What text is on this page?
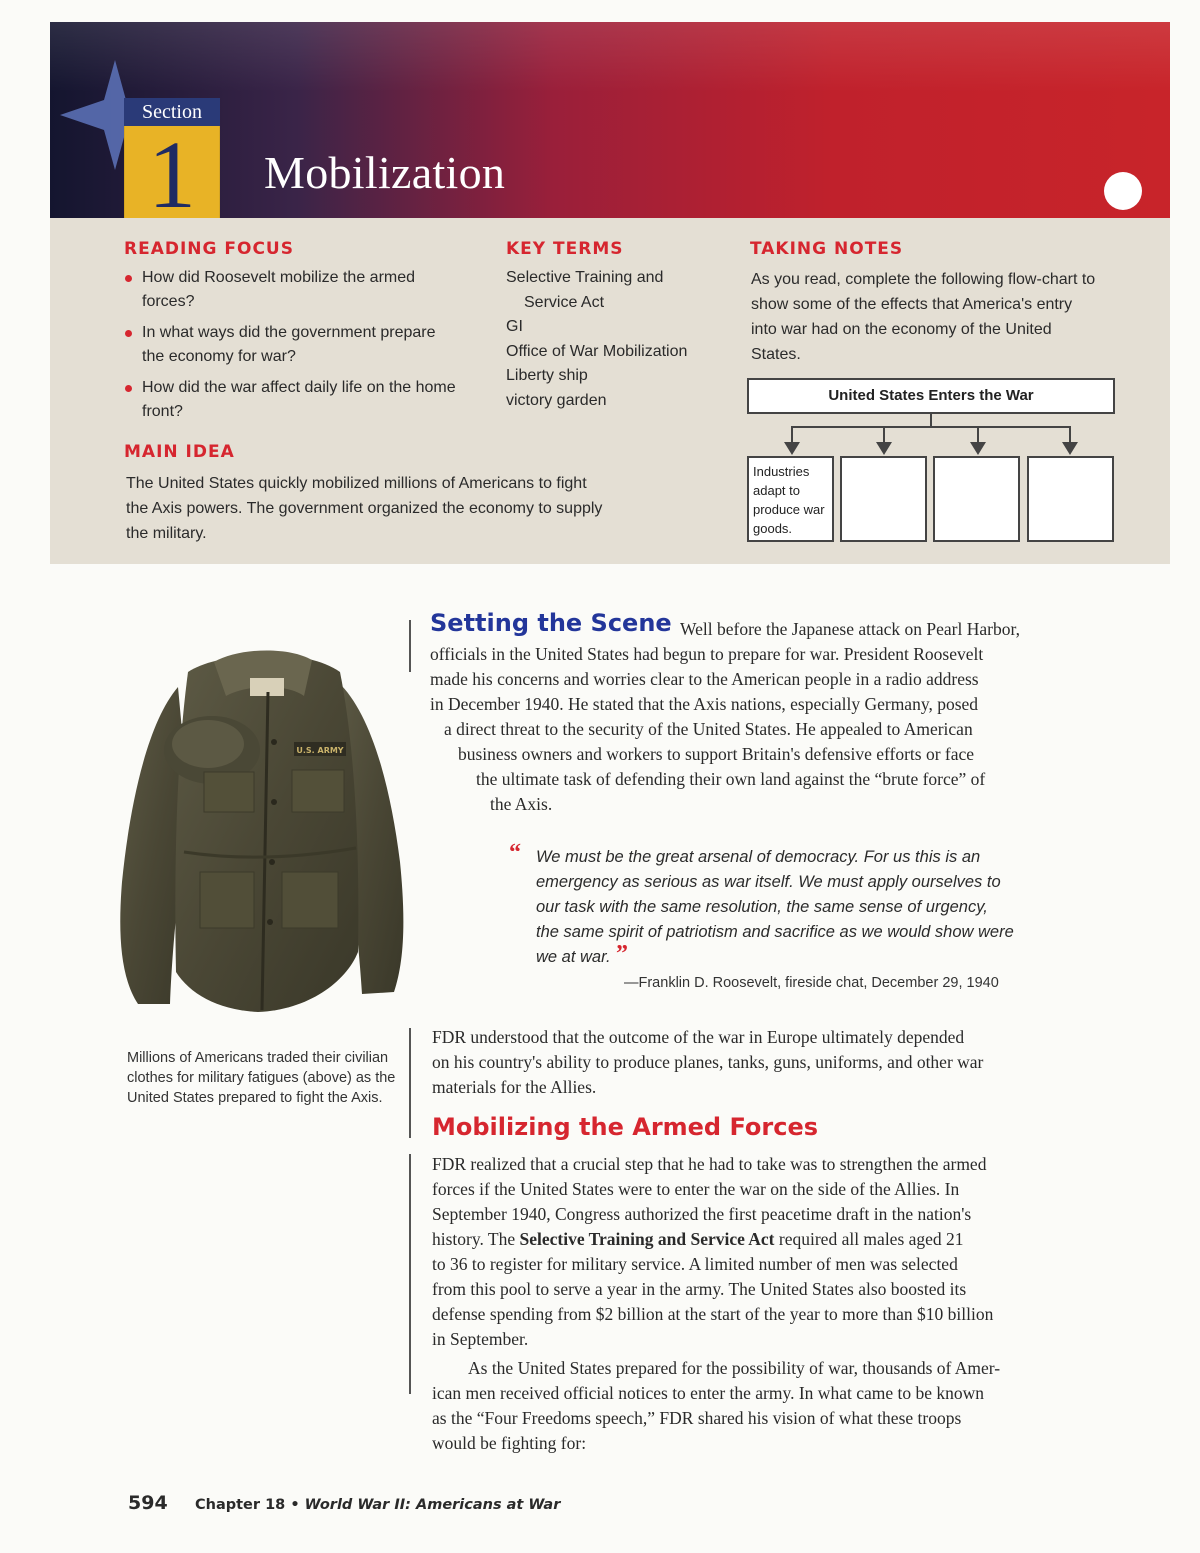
Section
1	Mobilization
READING FOCUS
How did Roosevelt mobilize the armed forces?
In what ways did the government prepare the economy for war?
How did the war affect daily life on the home front?
MAIN IDEA
The United States quickly mobilized millions of Americans to fight the Axis powers. The government organized the economy to supply the military.
KEY TERMS
Selective Training and
Service Act
GI
Office of War Mobilization
Liberty ship
victory garden
TAKING NOTES
As you read, complete the following flow-chart to show some of the effects that America's entry into war had on the economy of the United States.
United States Enters the War
Industries adapt to produce war goods.
U.S. ARMY
Millions of Americans traded their civilian clothes for military fatigues (above) as the United States prepared to fight the Axis.
Setting the Scene Well before the Japanese attack on Pearl Harbor,

officials in the United States had begun to prepare for war. President Roosevelt

made his concerns and worries clear to the American people in a radio address

in December 1940. He stated that the Axis nations, especially Germany, posed

a direct threat to the security of the United States. He appealed to American

business owners and workers to support Britain's defensive efforts or face

the ultimate task of defending their own land against the “brute force” of

the Axis.

“ We must be the great arsenal of democracy. For us this is an
emergency as serious as war itself. We must apply ourselves to
our task with the same resolution, the same sense of urgency,
the same spirit of patriotism and sacrifice as we would show were
we at war. ”
—Franklin D. Roosevelt, fireside chat, December 29, 1940

FDR understood that the outcome of the war in Europe ultimately depended

on his country's ability to produce planes, tanks, guns, uniforms, and other war

materials for the Allies.

Mobilizing the Armed Forces

FDR realized that a crucial step that he had to take was to strengthen the armed

forces if the United States were to enter the war on the side of the Allies. In

September 1940, Congress authorized the first peacetime draft in the nation's

history. The Selective Training and Service Act required all males aged 21

to 36 to register for military service. A limited number of men was selected

from this pool to serve a year in the army. The United States also boosted its

defense spending from $2 billion at the start of the year to more than $10 billion

in September.

As the United States prepared for the possibility of war, thousands of Amer-

ican men received official notices to enter the army. In what came to be known

as the “Four Freedoms speech,” FDR shared his vision of what these troops

would be fighting for:

594 Chapter 18 • World War II: Americans at War
